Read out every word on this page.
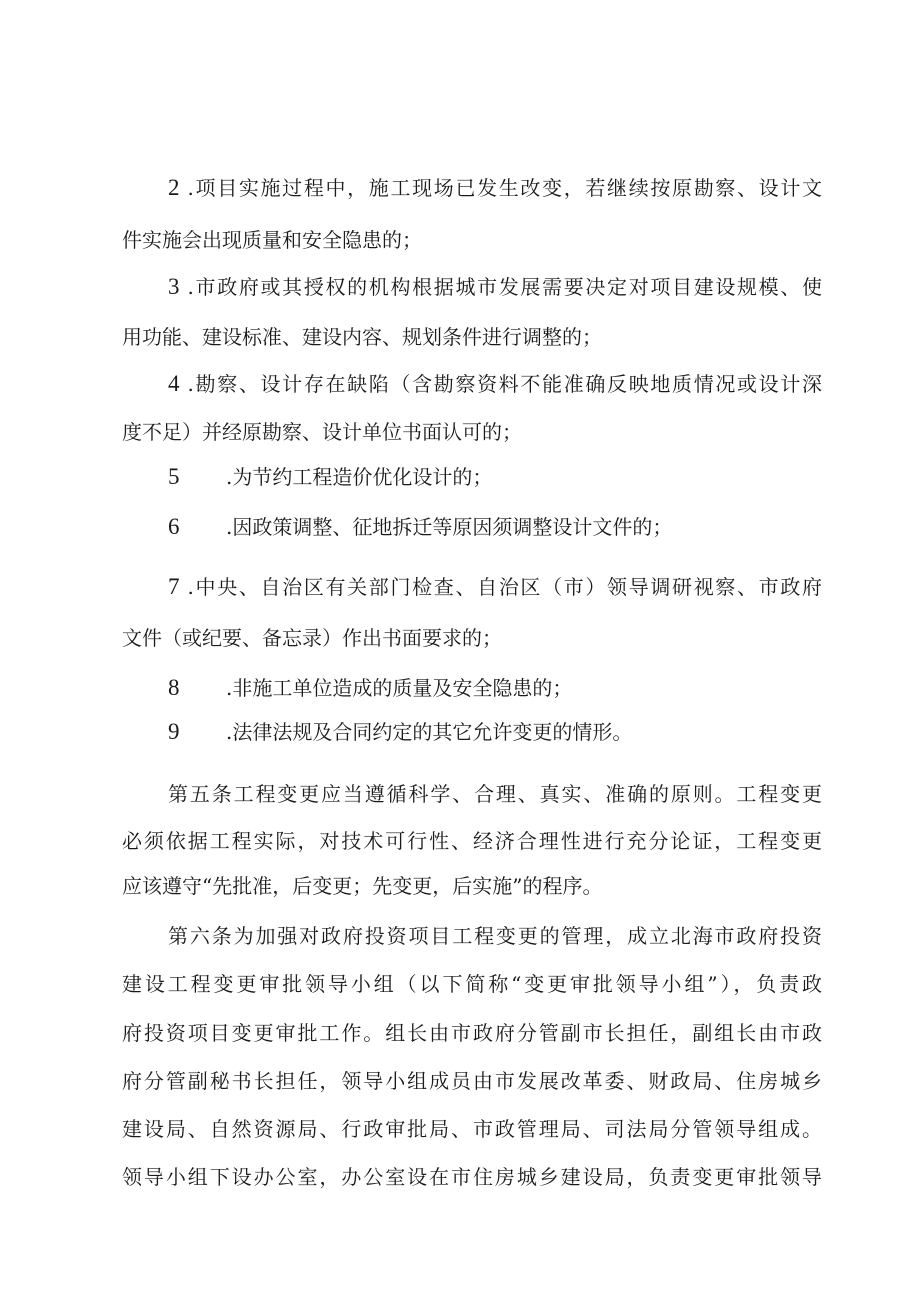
2 .项目实施过程中，施工现场已发生改变，若继续按原勘察、设计文
件实施会出现质量和安全隐患的；
3 .市政府或其授权的机构根据城市发展需要决定对项目建设规模、使
用功能、建设标准、建设内容、规划条件进行调整的；
4 .勘察、设计存在缺陷（含勘察资料不能准确反映地质情况或设计深
度不足）并经原勘察、设计单位书面认可的；
5 .为节约工程造价优化设计的；
6 .因政策调整、征地拆迁等原因须调整设计文件的；
7 .中央、自治区有关部门检查、自治区（市）领导调研视察、市政府
文件（或纪要、备忘录）作出书面要求的；
8 .非施工单位造成的质量及安全隐患的；
9 .法律法规及合同约定的其它允许变更的情形。
第五条工程变更应当遵循科学、合理、真实、准确的原则。工程变更
必须依据工程实际，对技术可行性、经济合理性进行充分论证，工程变更
应该遵守“先批准，后变更；先变更，后实施”的程序。
第六条为加强对政府投资项目工程变更的管理，成立北海市政府投资
建设工程变更审批领导小组（以下简称“变更审批领导小组”），负责政
府投资项目变更审批工作。组长由市政府分管副市长担任，副组长由市政
府分管副秘书长担任，领导小组成员由市发展改革委、财政局、住房城乡
建设局、自然资源局、行政审批局、市政管理局、司法局分管领导组成。
领导小组下设办公室，办公室设在市住房城乡建设局，负责变更审批领导
